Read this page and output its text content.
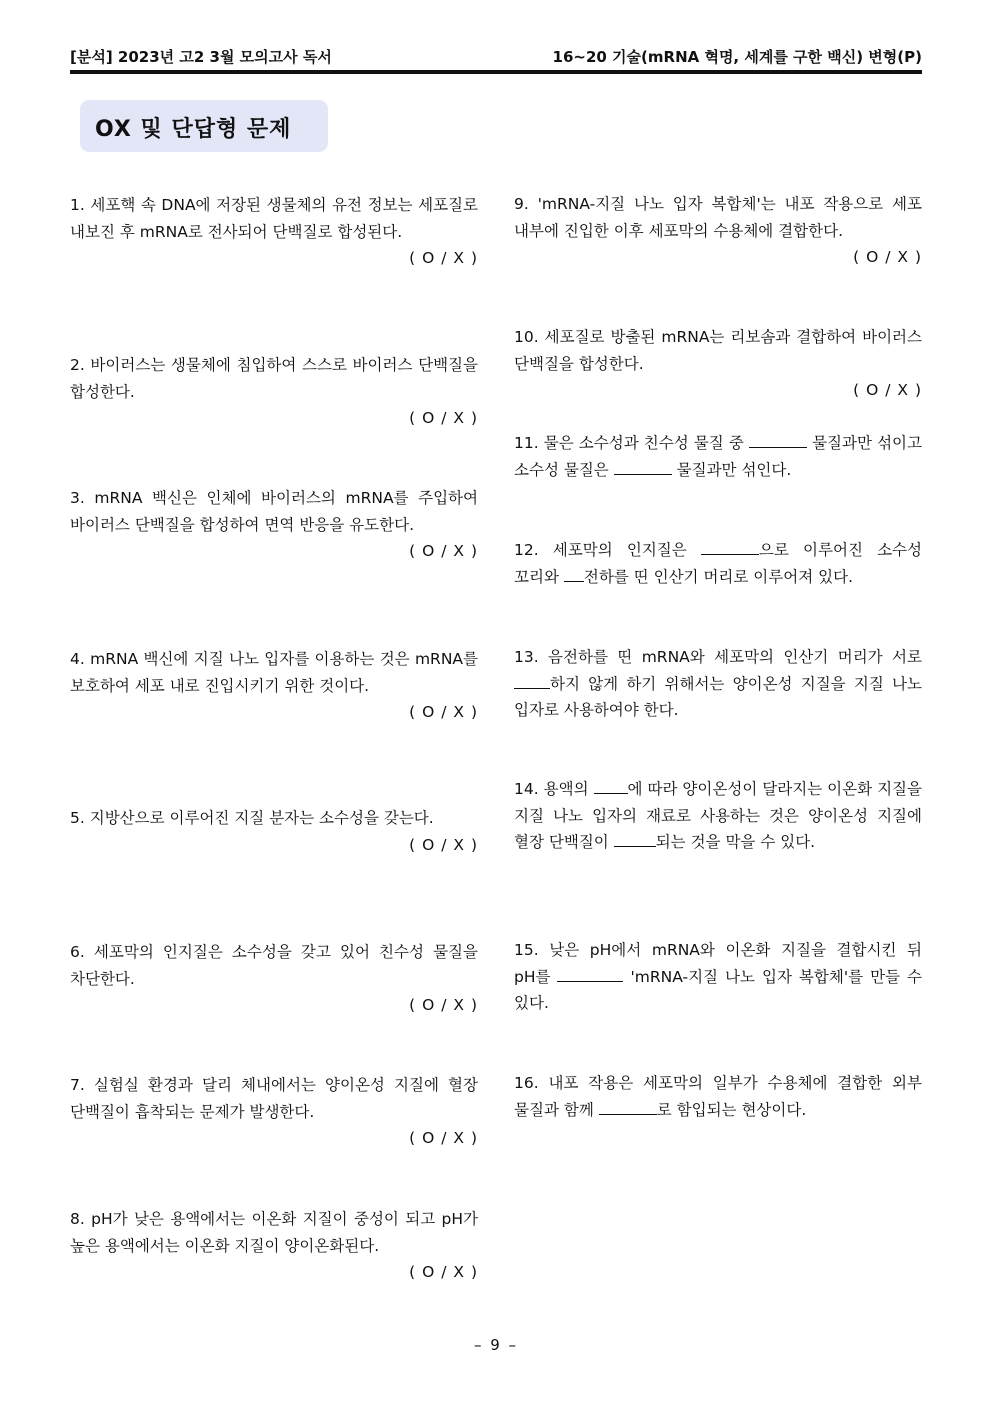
[분석] 2023년 고2 3월 모의고사 독서	16~20 기술(mRNA 혁명, 세계를 구한 백신) 변형(P)
OX 및 단답형 문제

1. 세포핵 속 DNA에 저장된 생물체의 유전 정보는 세포질로 내보진 후 mRNA로 전사되어 단백질로 합성된다.

( O / X )

2. 바이러스는 생물체에 침입하여 스스로 바이러스 단백질을 합성한다.

( O / X )

3. mRNA 백신은 인체에 바이러스의 mRNA를 주입하여 바이러스 단백질을 합성하여 면역 반응을 유도한다.

( O / X )

4. mRNA 백신에 지질 나노 입자를 이용하는 것은 mRNA를 보호하여 세포 내로 진입시키기 위한 것이다.

( O / X )

5. 지방산으로 이루어진 지질 분자는 소수성을 갖는다.

( O / X )

6. 세포막의 인지질은 소수성을 갖고 있어 친수성 물질을 차단한다.

( O / X )

7. 실험실 환경과 달리 체내에서는 양이온성 지질에 혈장 단백질이 흡착되는 문제가 발생한다.

( O / X )

8. pH가 낮은 용액에서는 이온화 지질이 중성이 되고 pH가 높은 용액에서는 이온화 지질이 양이온화된다.

( O / X )

9. 'mRNA-지질 나노 입자 복합체'는 내포 작용으로 세포 내부에 진입한 이후 세포막의 수용체에 결합한다.

( O / X )

10. 세포질로 방출된 mRNA는 리보솜과 결합하여 바이러스 단백질을 합성한다.

( O / X )

11. 물은 소수성과 친수성 물질 중	물질과만 섞이고 소수성 물질은	물질과만 섞인다.

12. 세포막의 인지질은	으로 이루어진 소수성 꼬리와 전하를 띤 인산기 머리로 이루어져 있다.

13. 음전하를 띤 mRNA와 세포막의 인산기 머리가 서로 하지 않게 하기 위해서는 양이온성 지질을 지질 나노 입자로 사용하여야 한다.

14. 용액의 에 따라 양이온성이 달라지는 이온화 지질을 지질 나노 입자의 재료로 사용하는 것은 양이온성 지질에 혈장 단백질이	되는 것을 막을 수 있다.

15. 낮은 pH에서 mRNA와 이온화 지질을 결합시킨 뒤 pH를	'mRNA-지질 나노 입자 복합체'를 만들 수 있다.

16. 내포 작용은 세포막의 일부가 수용체에 결합한 외부 물질과 함께	로 함입되는 현상이다.

– 9 –
